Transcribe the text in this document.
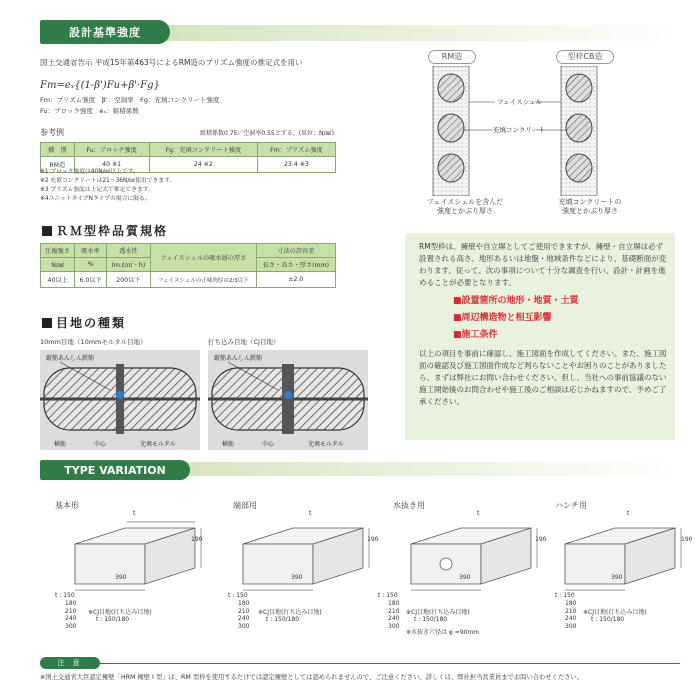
設計基準強度
国土交通省告示 平成15年第463号によるRM造のプリズム強度の推定式を用い
Fm=eₓ{(1-β')Fu+β'·Fg}
Fm：プリズム強度　β'：空洞率　Fg：充填コンクリート強度
Fu：ブロック強度　eₓ：組積係数
参考例	組積係数0.75／空洞率0.55とする。(単位：N/㎟)
種　別	Fu：ブロック強度	Fg：充填コンクリート強度	Fm：プリズム強度
RM造	40 ※1	24 ※2	23.4 ※3
※1 ブロック強度は40N/㎟以上です。
※2 充填コンクリートは21～36N/㎟使用できます。
※3 プリズム強度は上記式で推定できます。
※4ユニットタイプNタイプの場合に限る。
ＲＭ型枠品質規格
圧縮強さ	吸水率	透水性	フェイスシェルの吸水層の厚さ	寸法の許容差
N/㎟	%	(m.ℓ/㎡・h)		長さ・高さ・厚さ(mm)
40以上	6.0以下	200以下	フェイスシェルの正味肉厚の2/3以下	±2.0
目地の種類
10mm目地（10mmモルタル目地）	打ち込み目地（CJ目地）
縦筋あんしん鉄筋
横筋	中心	充填モルタル
縦筋あんしん鉄筋
横筋	中心	充填モルタル
RM造	型枠CB造
フェイスシェル
充填コンクリート
フェイスシェルを含んだ
強度とかぶり厚さ
充填コンクリートの
強度とかぶり厚さ

RM型枠は、擁壁や自立塀としてご使用できますが、擁壁・自立塀は必ず設置される高さ、地形あるいは地盤・地域条件などにより、基礎断面が変わります。従って、次の事項について十分な調査を行い、設計・計画を進めることが必要となります。

■設置箇所の地形・地質・土質
■周辺構造物と相互影響
■施工条件

以上の項目を事前に確認し、施工図面を作成してください。また、施工図面の確認及び施工図面作成など判らないことやお困りのことがありましたら、まずは弊社にお問い合わせください。但し、当社への事前協議のない施工開始後のお問合わせや施工後のご相談は応じかねますので、予めご了承ください。

TYPE VARIATION
基本形
t
190
390
端部用
t
190
390
水抜き用
t
190
390
ハンチ用
t
190
390
t : 150
180
210
240
300
※CJ目地(打ち込み目地)
t : 150/180
t : 150
180
210
240
300
※CJ目地(打ち込み目地)
t : 150/180
t : 150
180
210
240
300
※CJ目地(打ち込み目地)
t : 150/180
※水抜き穴径は φ =90mm
t : 150
180
210
240
300
※CJ目地(打ち込み目地)
t : 150/180
注 意
※国土交通省大臣認定擁壁「HRM 擁壁 I 型」は、RM 型枠を使用するだけでは認定擁壁としては認められませんので、ご注意ください。詳しくは、弊社担当営業員までお問い合わせください。
